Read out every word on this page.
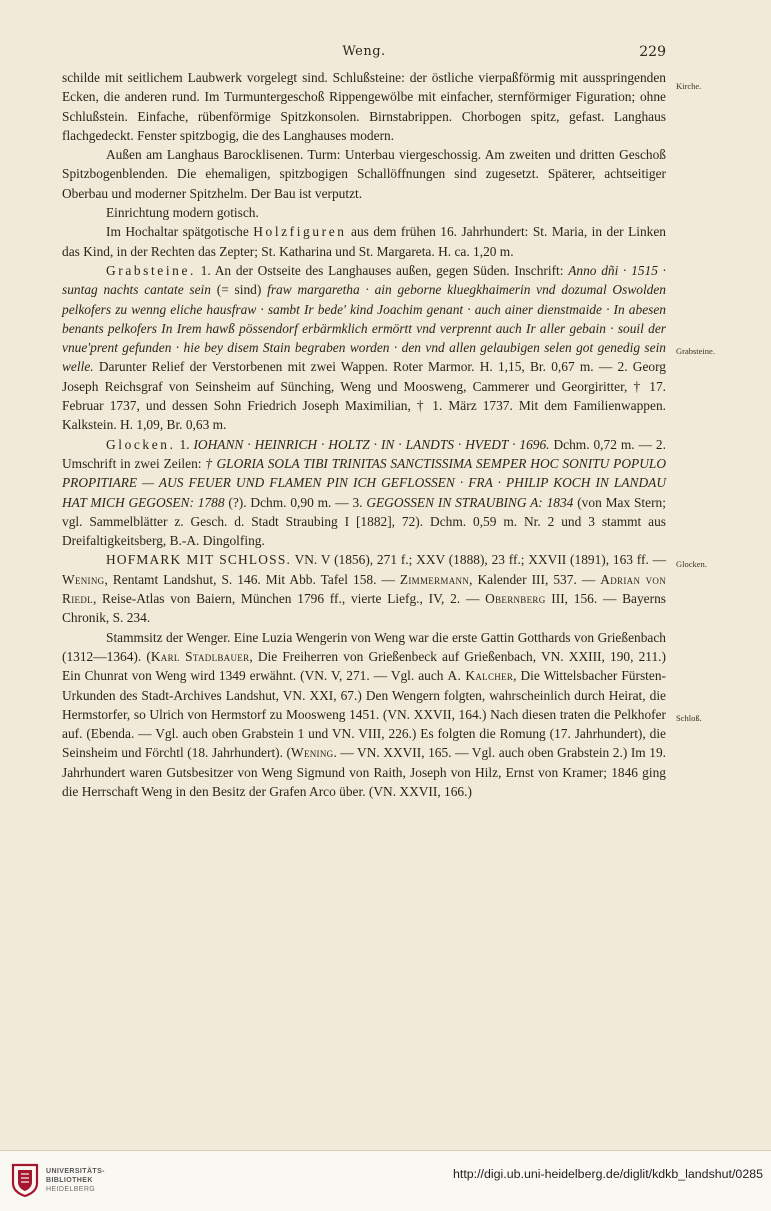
Weng.	229

schilde mit seitlichem Laubwerk vorgelegt sind. Schlußsteine: der östliche vierpaßförmig mit ausspringenden Ecken, die anderen rund. Im Turmuntergeschoß Rippengewölbe mit einfacher, sternförmiger Figuration; ohne Schlußstein. Einfache, rübenförmige Spitzkonsolen. Birnstabrippen. Chorbogen spitz, gefast. Langhaus flachgedeckt. Fenster spitzbogig, die des Langhauses modern.

Außen am Langhaus Barocklisenen. Turm: Unterbau viergeschossig. Am zweiten und dritten Geschoß Spitzbogenblenden. Die ehemaligen, spitzbogigen Schallöffnungen sind zugesetzt. Späterer, achtseitiger Oberbau und moderner Spitzhelm. Der Bau ist verputzt.

Einrichtung modern gotisch.

Im Hochaltar spätgotische Holzfiguren aus dem frühen 16. Jahrhundert: St. Maria, in der Linken das Kind, in der Rechten das Zepter; St. Katharina und St. Margareta. H. ca. 1,20 m.

Grabsteine. 1. An der Ostseite des Langhauses außen, gegen Süden. Inschrift: Anno dñi · 1515 · suntag nachts cantate sein (= sind) fraw margaretha · ain geborne kluegkhaimerin vnd dozumal Oswolden pelkofers zu wenng eliche hausfraw · sambt Ir bede' kind Joachim genant · auch ainer dienstmaide · In abesen benants pelkofers In Irem hawß pössendorf erbärmklich ermörtt vnd verprennt auch Ir aller gebain · souil der vnue'prent gefunden · hie bey disem Stain begraben worden · den vnd allen gelaubigen selen got genedig sein welle. Darunter Relief der Verstorbenen mit zwei Wappen. Roter Marmor. H. 1,15, Br. 0,67 m. — 2. Georg Joseph Reichsgraf von Seinsheim auf Sünching, Weng und Moosweng, Cammerer und Georgiritter, † 17. Februar 1737, und dessen Sohn Friedrich Joseph Maximilian, † 1. März 1737. Mit dem Familienwappen. Kalkstein. H. 1,09, Br. 0,63 m.

Glocken. 1. IOHANN · HEINRICH · HOLTZ · IN · LANDTS · HVEDT · 1696. Dchm. 0,72 m. — 2. Umschrift in zwei Zeilen: † GLORIA SOLA TIBI TRINITAS SANCTISSIMA SEMPER HOC SONITU POPULO PROPITIARE — AUS FEUER UND FLAMEN PIN ICH GEFLOSSEN · FRA · PHILIP KOCH IN LANDAU HAT MICH GEGOSEN: 1788 (?). Dchm. 0,90 m. — 3. GEGOSSEN IN STRAUBING A: 1834 (von Max Stern; vgl. Sammelblätter z. Gesch. d. Stadt Straubing I [1882], 72). Dchm. 0,59 m. Nr. 2 und 3 stammt aus Dreifaltigkeitsberg, B.-A. Dingolfing.

HOFMARK MIT SCHLOSS. VN. V (1856), 271 f.; XXV (1888), 23 ff.; XXVII (1891), 163 ff. — Wening, Rentamt Landshut, S. 146. Mit Abb. Tafel 158. — Zimmermann, Kalender III, 537. — Adrian von Riedl, Reise-Atlas von Baiern, München 1796 ff., vierte Liefg., IV, 2. — Obernberg III, 156. — Bayerns Chronik, S. 234.

Stammsitz der Wenger. Eine Luzia Wengerin von Weng war die erste Gattin Gotthards von Grießenbach (1312—1364). (Karl Stadlbauer, Die Freiherren von Grießenbeck auf Grießenbach, VN. XXIII, 190, 211.) Ein Chunrat von Weng wird 1349 erwähnt. (VN. V, 271. — Vgl. auch A. Kalcher, Die Wittelsbacher Fürsten-Urkunden des Stadt-Archives Landshut, VN. XXI, 67.) Den Wengern folgten, wahrscheinlich durch Heirat, die Hermstorfer, so Ulrich von Hermstorf zu Moosweng 1451. (VN. XXVII, 164.) Nach diesen traten die Pelkhofer auf. (Ebenda. — Vgl. auch oben Grabstein 1 und VN. VIII, 226.) Es folgten die Romung (17. Jahrhundert), die Seinsheim und Förchtl (18. Jahrhundert). (Wening. — VN. XXVII, 165. — Vgl. auch oben Grabstein 2.) Im 19. Jahrhundert waren Gutsbesitzer von Weng Sigmund von Raith, Joseph von Hilz, Ernst von Kramer; 1846 ging die Herrschaft Weng in den Besitz der Grafen Arco über. (VN. XXVII, 166.)

Kirche.
Grabsteine.
Glocken.
Schloß.
UNIVERSITÄTS-
BIBLIOTHEK
HEIDELBERG
http://digi.ub.uni-heidelberg.de/diglit/kdkb_landshut/0285
